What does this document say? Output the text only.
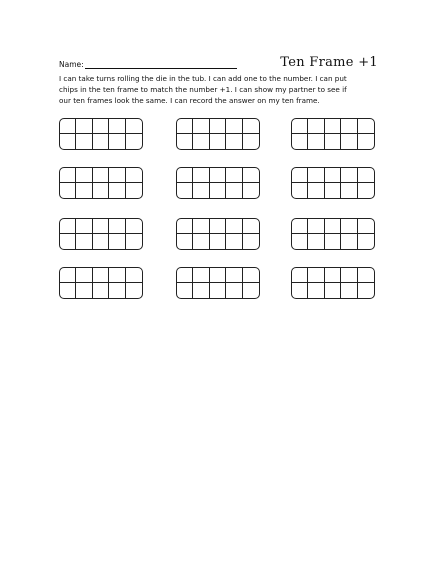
Name:	Ten Frame +1
I can take turns rolling the die in the tub. I can add one to the number. I can put
chips in the ten frame to match the number +1. I can show my partner to see if
our ten frames look the same. I can record the answer on my ten frame.
